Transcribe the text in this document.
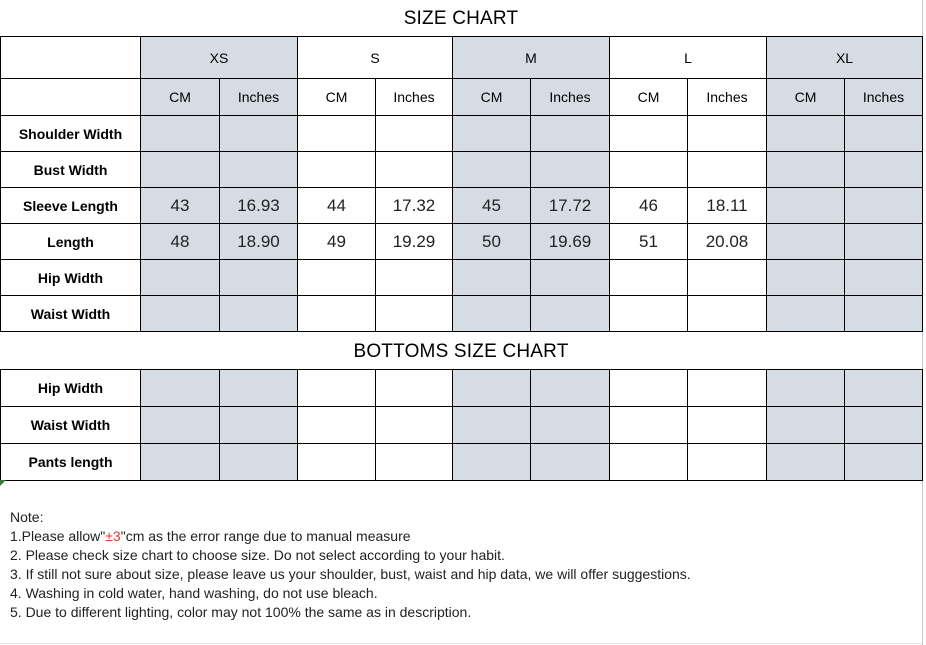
SIZE CHART
	XS		S		M		L		XL	
	CM	Inches	CM	Inches	CM	Inches	CM	Inches	CM	Inches
Shoulder Width										
Bust Width										
Sleeve Length	43	16.93	44	17.32	45	17.72	46	18.11		
Length	48	18.90	49	19.29	50	19.69	51	20.08		
Hip Width										
Waist Width										
BOTTOMS SIZE CHART
Hip Width										
Waist Width										
Pants length										
Note:
1.Please allow"±3"cm as the error range due to manual measure
2. Please check size chart to choose size. Do not select according to your habit.
3. If still not sure about size, please leave us your shoulder, bust, waist and hip data, we will offer suggestions.
4. Washing in cold water, hand washing, do not use bleach.
5. Due to different lighting, color may not 100% the same as in description.
